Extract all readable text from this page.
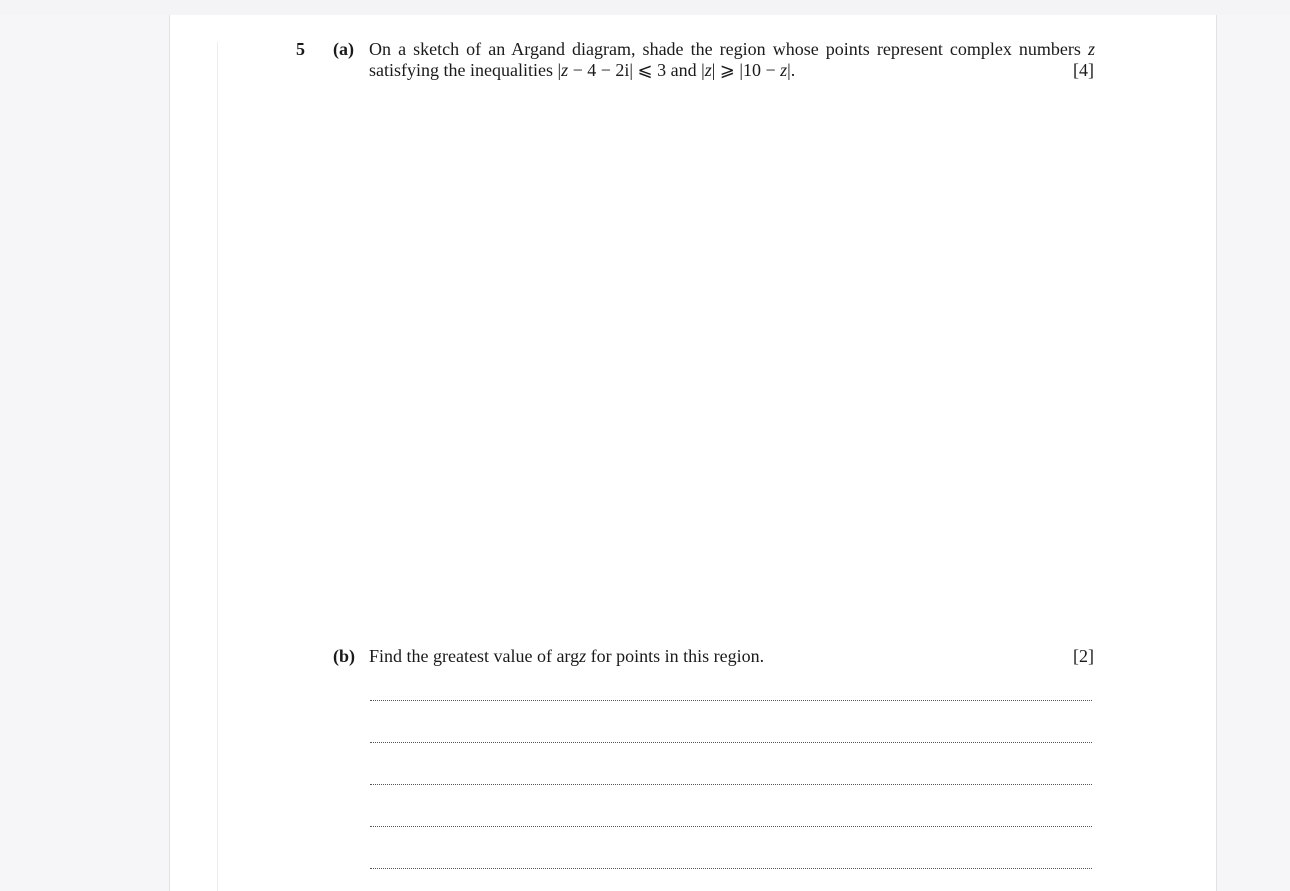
5 (a) On a sketch of an Argand diagram, shade the region whose points represent complex numbers z
satisfying the inequalities |z − 4 − 2i| ⩽ 3 and |z| ⩾ |10 − z|.	[4]
(b) Find the greatest value of argz for points in this region.	[2]
